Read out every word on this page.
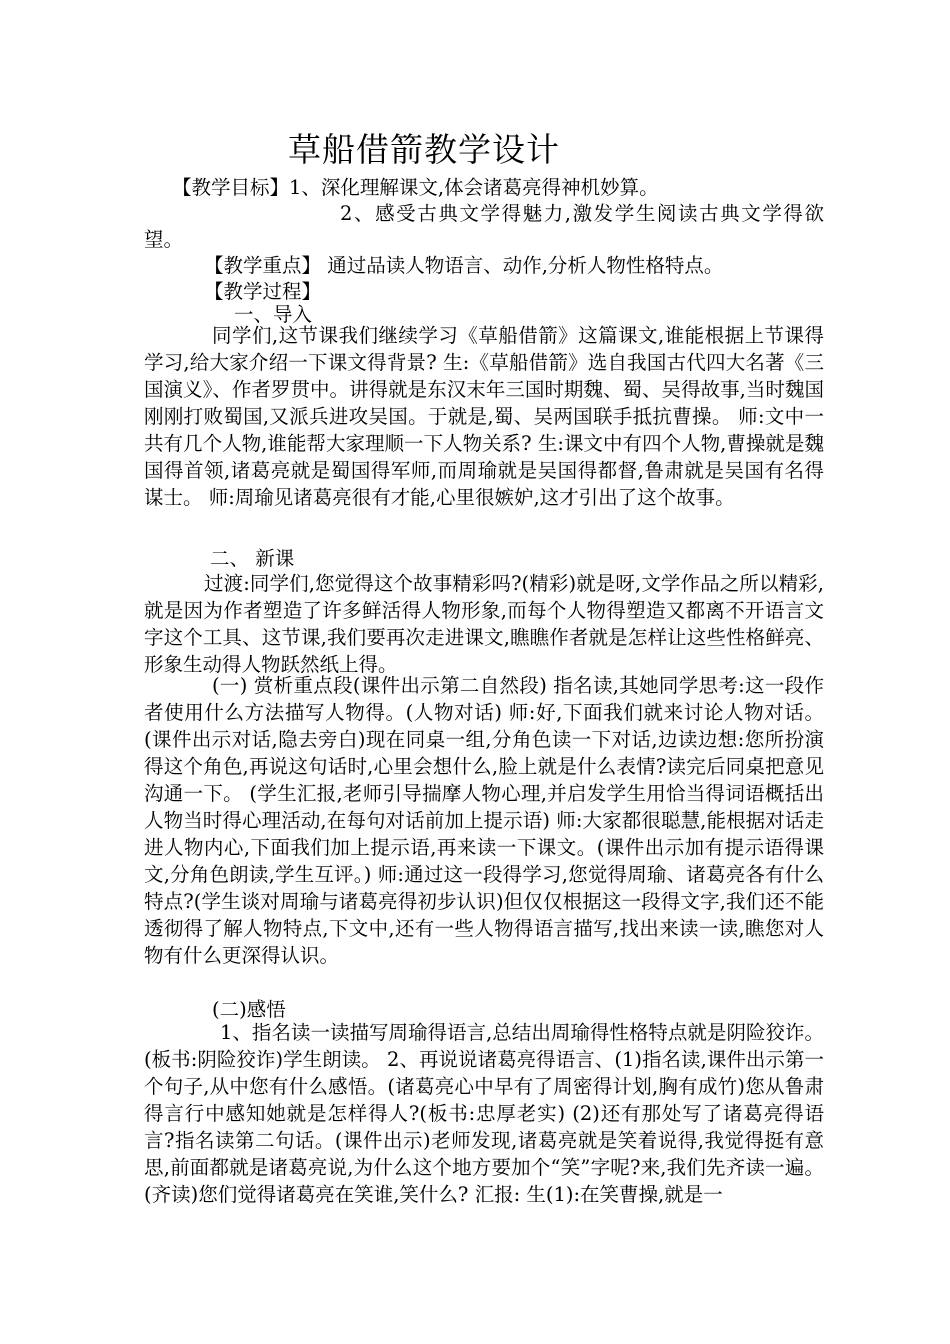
草船借箭教学设计
【教学目标】1、深化理解课文,体会诸葛亮得神机妙算。
2、感受古典文学得魅力,激发学生阅读古典文学得欲望。
【教学重点】 通过品读人物语言、动作,分析人物性格特点。
【教学过程】
一、导入
同学们,这节课我们继续学习《草船借箭》这篇课文,谁能根据上节课得学习,给大家介绍一下课文得背景? 生:《草船借箭》选自我国古代四大名著《三国演义》、作者罗贯中。讲得就是东汉末年三国时期魏、蜀、吴得故事,当时魏国刚刚打败蜀国,又派兵进攻吴国。于就是,蜀、吴两国联手抵抗曹操。 师:文中一共有几个人物,谁能帮大家理顺一下人物关系? 生:课文中有四个人物,曹操就是魏国得首领,诸葛亮就是蜀国得军师,而周瑜就是吴国得都督,鲁肃就是吴国有名得谋士。 师:周瑜见诸葛亮很有才能,心里很嫉妒,这才引出了这个故事。
二、 新课
过渡:同学们,您觉得这个故事精彩吗?(精彩)就是呀,文学作品之所以精彩,就是因为作者塑造了许多鲜活得人物形象,而每个人物得塑造又都离不开语言文字这个工具、这节课,我们要再次走进课文,瞧瞧作者就是怎样让这些性格鲜亮、形象生动得人物跃然纸上得。
(一) 赏析重点段(课件出示第二自然段) 指名读,其她同学思考:这一段作者使用什么方法描写人物得。(人物对话) 师:好,下面我们就来讨论人物对话。(课件出示对话,隐去旁白)现在同桌一组,分角色读一下对话,边读边想:您所扮演得这个角色,再说这句话时,心里会想什么,脸上就是什么表情?读完后同桌把意见沟通一下。 (学生汇报,老师引导揣摩人物心理,并启发学生用恰当得词语概括出人物当时得心理活动,在每句对话前加上提示语) 师:大家都很聪慧,能根据对话走进人物内心,下面我们加上提示语,再来读一下课文。(课件出示加有提示语得课文,分角色朗读,学生互评。) 师:通过这一段得学习,您觉得周瑜、诸葛亮各有什么特点?(学生谈对周瑜与诸葛亮得初步认识)但仅仅根据这一段得文字,我们还不能透彻得了解人物特点,下文中,还有一些人物得语言描写,找出来读一读,瞧您对人物有什么更深得认识。
(二)感悟
1、指名读一读描写周瑜得语言,总结出周瑜得性格特点就是阴险狡诈。(板书:阴险狡诈)学生朗读。 2、再说说诸葛亮得语言、(1)指名读,课件出示第一个句子,从中您有什么感悟。(诸葛亮心中早有了周密得计划,胸有成竹)您从鲁肃得言行中感知她就是怎样得人?(板书:忠厚老实) (2)还有那处写了诸葛亮得语言?指名读第二句话。(课件出示)老师发现,诸葛亮就是笑着说得,我觉得挺有意思,前面都就是诸葛亮说,为什么这个地方要加个“笑”字呢?来,我们先齐读一遍。(齐读)您们觉得诸葛亮在笑谁,笑什么? 汇报: 生(1):在笑曹操,就是一
